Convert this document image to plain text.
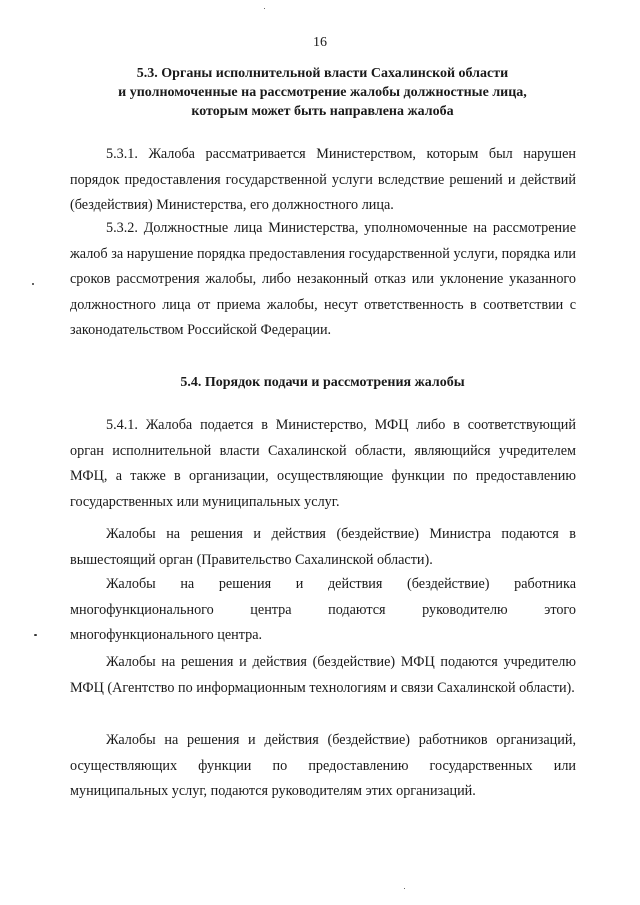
16
5.3. Органы исполнительной власти Сахалинской области
и уполномоченные на рассмотрение жалобы должностные лица,
которым может быть направлена жалоба

5.3.1. Жалоба рассматривается Министерством, которым был нарушен порядок предоставления государственной услуги вследствие решений и действий (бездействия) Министерства, его должностного лица.

5.3.2. Должностные лица Министерства, уполномоченные на рассмотрение жалоб за нарушение порядка предоставления государственной услуги, порядка или сроков рассмотрения жалобы, либо незаконный отказ или уклонение указанного должностного лица от приема жалобы, несут ответственность в соответствии с законодательством Российской Федерации.

5.4. Порядок подачи и рассмотрения жалобы

5.4.1. Жалоба подается в Министерство, МФЦ либо в соответствующий орган исполнительной власти Сахалинской области, являющийся учредителем МФЦ, а также в организации, осуществляющие функции по предоставлению государственных или муниципальных услуг.

Жалобы на решения и действия (бездействие) Министра подаются в вышестоящий орган (Правительство Сахалинской области).

Жалобы на решения и действия (бездействие) работника многофункционального центра подаются руководителю этого многофункционального центра.

Жалобы на решения и действия (бездействие) МФЦ подаются учредителю МФЦ (Агентство по информационным технологиям и связи Сахалинской области).

Жалобы на решения и действия (бездействие) работников организаций, осуществляющих функции по предоставлению государственных или муниципальных услуг, подаются руководителям этих организаций.
